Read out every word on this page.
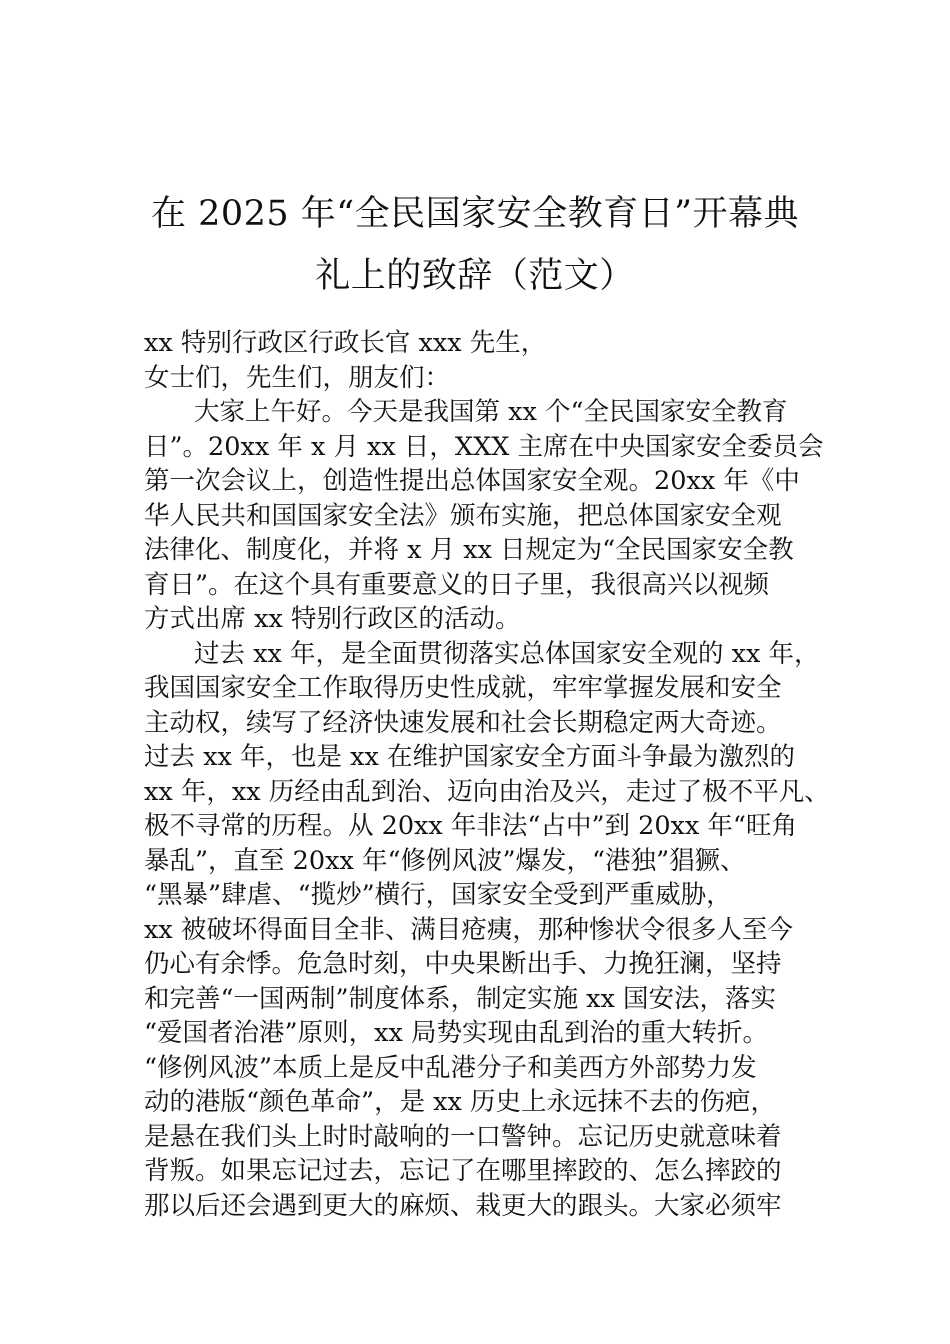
在 2025 年“全民国家安全教育日”开幕典
礼上的致辞（范文）
xx 特别行政区行政长官 xxx 先生，
女士们，先生们，朋友们：
大家上午好。今天是我国第 xx 个“全民国家安全教育
日”。20xx 年 x 月 xx 日，XXX 主席在中央国家安全委员会
第一次会议上，创造性提出总体国家安全观。20xx 年《中
华人民共和国国家安全法》颁布实施，把总体国家安全观
法律化、制度化，并将 x 月 xx 日规定为“全民国家安全教
育日”。在这个具有重要意义的日子里，我很高兴以视频
方式出席 xx 特别行政区的活动。
过去 xx 年，是全面贯彻落实总体国家安全观的 xx 年，
我国国家安全工作取得历史性成就，牢牢掌握发展和安全
主动权，续写了经济快速发展和社会长期稳定两大奇迹。
过去 xx 年，也是 xx 在维护国家安全方面斗争最为激烈的
xx 年，xx 历经由乱到治、迈向由治及兴，走过了极不平凡、
极不寻常的历程。从 20xx 年非法“占中”到 20xx 年“旺角
暴乱”，直至 20xx 年“修例风波”爆发，“港独”猖獗、
“黑暴”肆虐、“揽炒”横行，国家安全受到严重威胁，
xx 被破坏得面目全非、满目疮痍，那种惨状令很多人至今
仍心有余悸。危急时刻，中央果断出手、力挽狂澜，坚持
和完善“一国两制”制度体系，制定实施 xx 国安法，落实
“爱国者治港”原则，xx 局势实现由乱到治的重大转折。
“修例风波”本质上是反中乱港分子和美西方外部势力发
动的港版“颜色革命”，是 xx 历史上永远抹不去的伤疤，
是悬在我们头上时时敲响的一口警钟。忘记历史就意味着
背叛。如果忘记过去，忘记了在哪里摔跤的、怎么摔跤的
那以后还会遇到更大的麻烦、栽更大的跟头。大家必须牢
